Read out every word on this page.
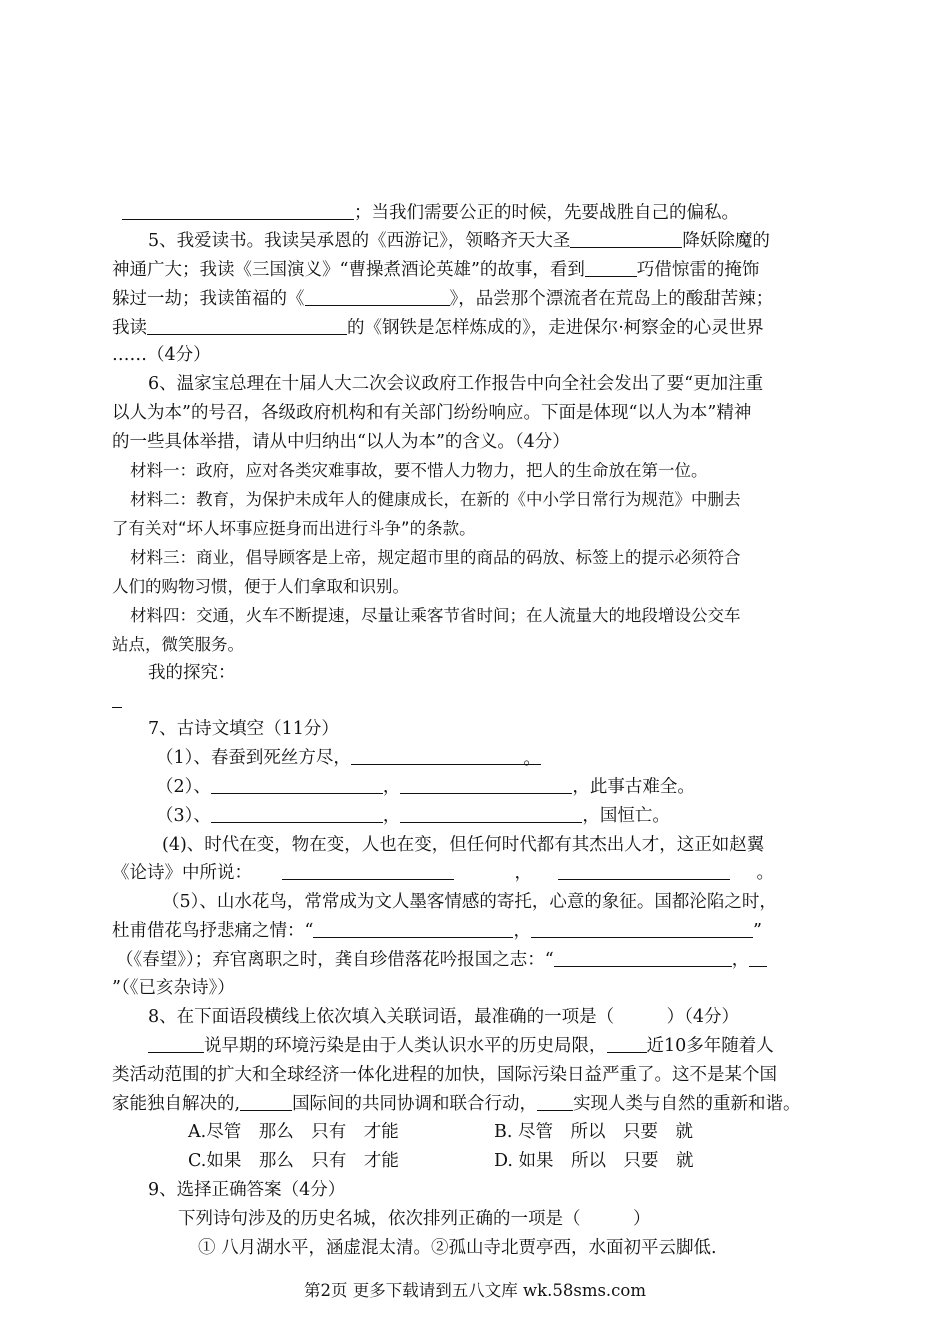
；当我们需要公正的时候，先要战胜自己的偏私。
5、我爱读书。我读吴承恩的《西游记》，领略齐天大圣	降妖除魔的
神通广大；我读《三国演义》“曹操煮酒论英雄”的故事，看到	巧借惊雷的掩饰
躲过一劫；我读笛福的《	》，品尝那个漂流者在荒岛上的酸甜苦辣；
我读	的《钢铁是怎样炼成的》，走进保尔·柯察金的心灵世界
……（4分）
6、温家宝总理在十届人大二次会议政府工作报告中向全社会发出了要“更加注重
以人为本”的号召，各级政府机构和有关部门纷纷响应。下面是体现“以人为本”精神
的一些具体举措，请从中归纳出“以人为本”的含义。（4分）
材料一：政府，应对各类灾难事故，要不惜人力物力，把人的生命放在第一位。
材料二：教育，为保护未成年人的健康成长，在新的《中小学日常行为规范》中删去
了有关对“坏人坏事应挺身而出进行斗争”的条款。
材料三：商业，倡导顾客是上帝，规定超市里的商品的码放、标签上的提示必须符合
人们的购物习惯，便于人们拿取和识别。
材料四：交通，火车不断提速，尽量让乘客节省时间；在人流量大的地段增设公交车
站点，微笑服务。
我的探究：
7、古诗文填空（11分）
（1）、春蚕到死丝方尽，	。
（2）、	，	，此事古难全。
（3）、	，	，国恒亡。
(4)、时代在变，物在变，人也在变，但任何时代都有其杰出人才，这正如赵翼
《论诗》中所说：	，	。
（5）、山水花鸟，常常成为文人墨客情感的寄托，心意的象征。国都沦陷之时，
杜甫借花鸟抒悲痛之情：“	，	”
（《春望》）；弃官离职之时，龚自珍借落花吟报国之志：“	，
”（《已亥杂诗》）
8、在下面语段横线上依次填入关联词语，最准确的一项是（　　　）（4分）
说早期的环境污染是由于人类认识水平的历史局限， 近10多年随着人
类活动范围的扩大和全球经济一体化进程的加快，国际污染日益严重了。这不是某个国
家能独自解决的,	国际间的共同协调和联合行动， 实现人类与自然的重新和谐。
A.尽管　那么　只有　才能	B. 尽管　所以　只要　就
C.如果　那么　只有　才能	D. 如果　所以　只要　就
9、选择正确答案（4分）
下列诗句涉及的历史名城，依次排列正确的一项是（　　　）
① 八月湖水平，涵虚混太清。②孤山寺北贾亭西，水面初平云脚低.
第2页 更多下载请到五八文库 wk.58sms.com
